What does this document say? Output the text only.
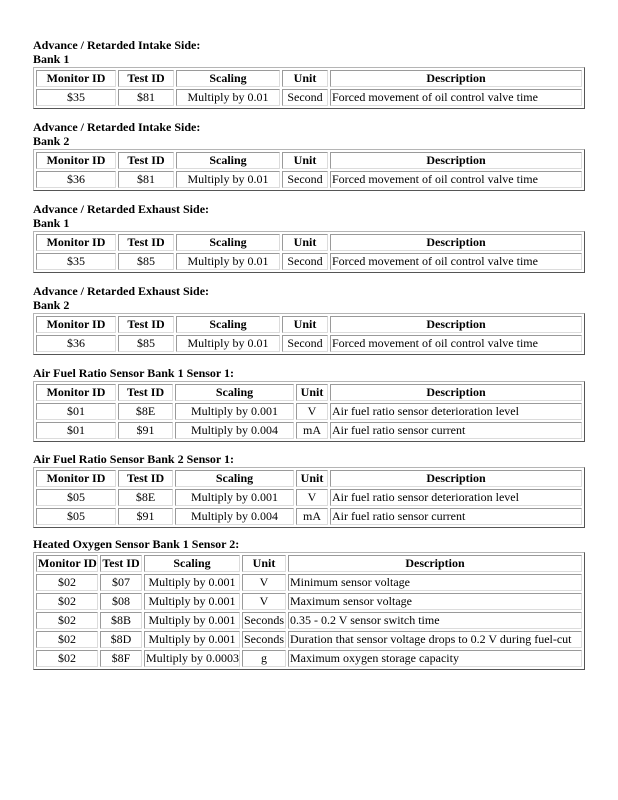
Advance / Retarded Intake Side:

Bank 1

Monitor ID	Test ID	Scaling	Unit	Description
$35	$81	Multiply by 0.01	Second	Forced movement of oil control valve time

Advance / Retarded Intake Side:

Bank 2

Monitor ID	Test ID	Scaling	Unit	Description
$36	$81	Multiply by 0.01	Second	Forced movement of oil control valve time

Advance / Retarded Exhaust Side:

Bank 1

Monitor ID	Test ID	Scaling	Unit	Description
$35	$85	Multiply by 0.01	Second	Forced movement of oil control valve time

Advance / Retarded Exhaust Side:

Bank 2

Monitor ID	Test ID	Scaling	Unit	Description
$36	$85	Multiply by 0.01	Second	Forced movement of oil control valve time

Air Fuel Ratio Sensor Bank 1 Sensor 1:

Monitor ID	Test ID	Scaling	Unit	Description
$01	$8E	Multiply by 0.001	V	Air fuel ratio sensor deterioration level
$01	$91	Multiply by 0.004	mA	Air fuel ratio sensor current

Air Fuel Ratio Sensor Bank 2 Sensor 1:

Monitor ID	Test ID	Scaling	Unit	Description
$05	$8E	Multiply by 0.001	V	Air fuel ratio sensor deterioration level
$05	$91	Multiply by 0.004	mA	Air fuel ratio sensor current

Heated Oxygen Sensor Bank 1 Sensor 2:

Monitor ID	Test ID	Scaling	Unit	Description
$02	$07	Multiply by 0.001	V	Minimum sensor voltage
$02	$08	Multiply by 0.001	V	Maximum sensor voltage
$02	$8B	Multiply by 0.001	Seconds	0.35 - 0.2 V sensor switch time
$02	$8D	Multiply by 0.001	Seconds	Duration that sensor voltage drops to 0.2 V during fuel-cut
$02	$8F	Multiply by 0.0003	g	Maximum oxygen storage capacity
